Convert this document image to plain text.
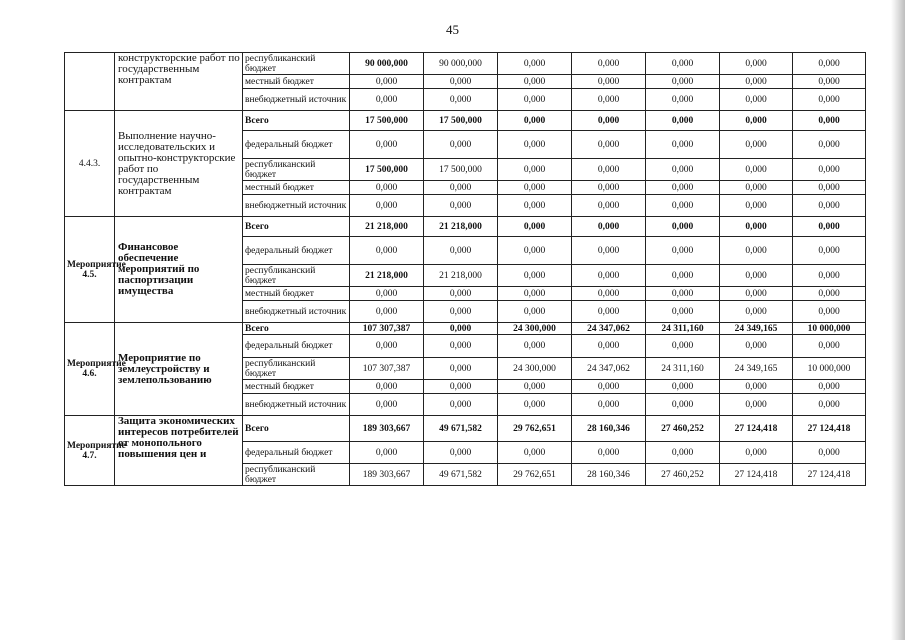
45
	конструкторские работ по государственным контрактам	республиканский бюджет	90 000,000	90 000,000	0,000	0,000	0,000	0,000	0,000
		местный бюджет	0,000	0,000	0,000	0,000	0,000	0,000	0,000
		внебюджетный источник	0,000	0,000	0,000	0,000	0,000	0,000	0,000
4.4.3.	Выполнение научно-исследовательских и опытно-конструкторские работ по государственным контрактам	Всего	17 500,000	17 500,000	0,000	0,000	0,000	0,000	0,000
		федеральный бюджет	0,000	0,000	0,000	0,000	0,000	0,000	0,000
		республиканский бюджет	17 500,000	17 500,000	0,000	0,000	0,000	0,000	0,000
		местный бюджет	0,000	0,000	0,000	0,000	0,000	0,000	0,000
		внебюджетный источник	0,000	0,000	0,000	0,000	0,000	0,000	0,000
Мероприятие 4.5.	Финансовое обеспечение мероприятий по паспортизации имущества	Всего	21 218,000	21 218,000	0,000	0,000	0,000	0,000	0,000
		федеральный бюджет	0,000	0,000	0,000	0,000	0,000	0,000	0,000
		республиканский бюджет	21 218,000	21 218,000	0,000	0,000	0,000	0,000	0,000
		местный бюджет	0,000	0,000	0,000	0,000	0,000	0,000	0,000
		внебюджетный источник	0,000	0,000	0,000	0,000	0,000	0,000	0,000
Мероприятие 4.6.	Мероприятие по землеустройству и землепользованию	Всего	107 307,387	0,000	24 300,000	24 347,062	24 311,160	24 349,165	10 000,000
		федеральный бюджет	0,000	0,000	0,000	0,000	0,000	0,000	0,000
		республиканский бюджет	107 307,387	0,000	24 300,000	24 347,062	24 311,160	24 349,165	10 000,000
		местный бюджет	0,000	0,000	0,000	0,000	0,000	0,000	0,000
		внебюджетный источник	0,000	0,000	0,000	0,000	0,000	0,000	0,000
Мероприятие 4.7.	Защита экономических интересов потребителей от монопольного повышения цен и	Всего	189 303,667	49 671,582	29 762,651	28 160,346	27 460,252	27 124,418	27 124,418
		федеральный бюджет	0,000	0,000	0,000	0,000	0,000	0,000	0,000
		республиканский бюджет	189 303,667	49 671,582	29 762,651	28 160,346	27 460,252	27 124,418	27 124,418
